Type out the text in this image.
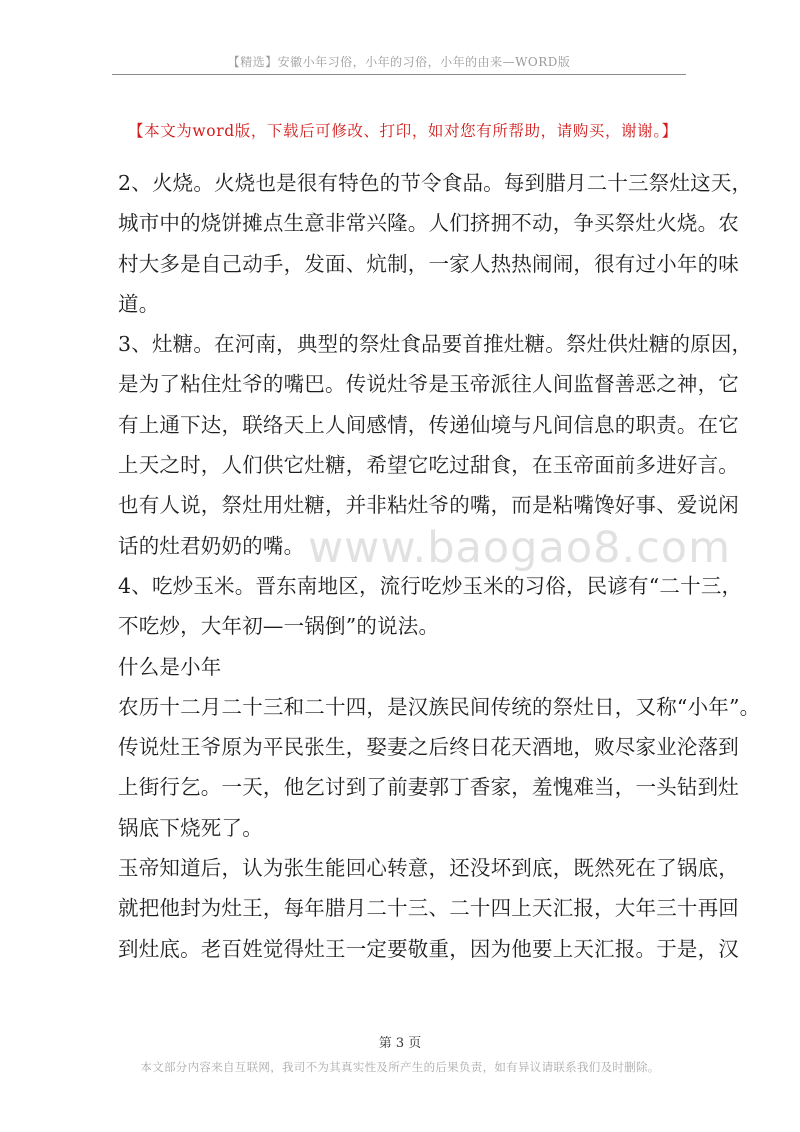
【精选】安徽小年习俗，小年的习俗，小年的由来—WORD版
【本文为word版，下载后可修改、打印，如对您有所帮助，请购买，谢谢。】
2、火烧。火烧也是很有特色的节令食品。每到腊月二十三祭灶这天，
城市中的烧饼摊点生意非常兴隆。人们挤拥不动，争买祭灶火烧。农
村大多是自己动手，发面、炕制，一家人热热闹闹，很有过小年的味
道。
3、灶糖。在河南，典型的祭灶食品要首推灶糖。祭灶供灶糖的原因，
是为了粘住灶爷的嘴巴。传说灶爷是玉帝派往人间监督善恶之神，它
有上通下达，联络天上人间感情，传递仙境与凡间信息的职责。在它
上天之时，人们供它灶糖，希望它吃过甜食，在玉帝面前多进好言。
也有人说，祭灶用灶糖，并非粘灶爷的嘴，而是粘嘴馋好事、爱说闲
话的灶君奶奶的嘴。
4、吃炒玉米。晋东南地区，流行吃炒玉米的习俗，民谚有“二十三，
不吃炒，大年初—一锅倒”的说法。
什么是小年
农历十二月二十三和二十四，是汉族民间传统的祭灶日，又称“小年”。
传说灶王爷原为平民张生，娶妻之后终日花天酒地，败尽家业沦落到
上街行乞。一天，他乞讨到了前妻郭丁香家，羞愧难当，一头钻到灶
锅底下烧死了。
玉帝知道后，认为张生能回心转意，还没坏到底，既然死在了锅底，
就把他封为灶王，每年腊月二十三、二十四上天汇报，大年三十再回
到灶底。老百姓觉得灶王一定要敬重，因为他要上天汇报。于是，汉
www.baogao8.com
第 3 页
本文部分内容来自互联网，我司不为其真实性及所产生的后果负责，如有异议请联系我们及时删除。
